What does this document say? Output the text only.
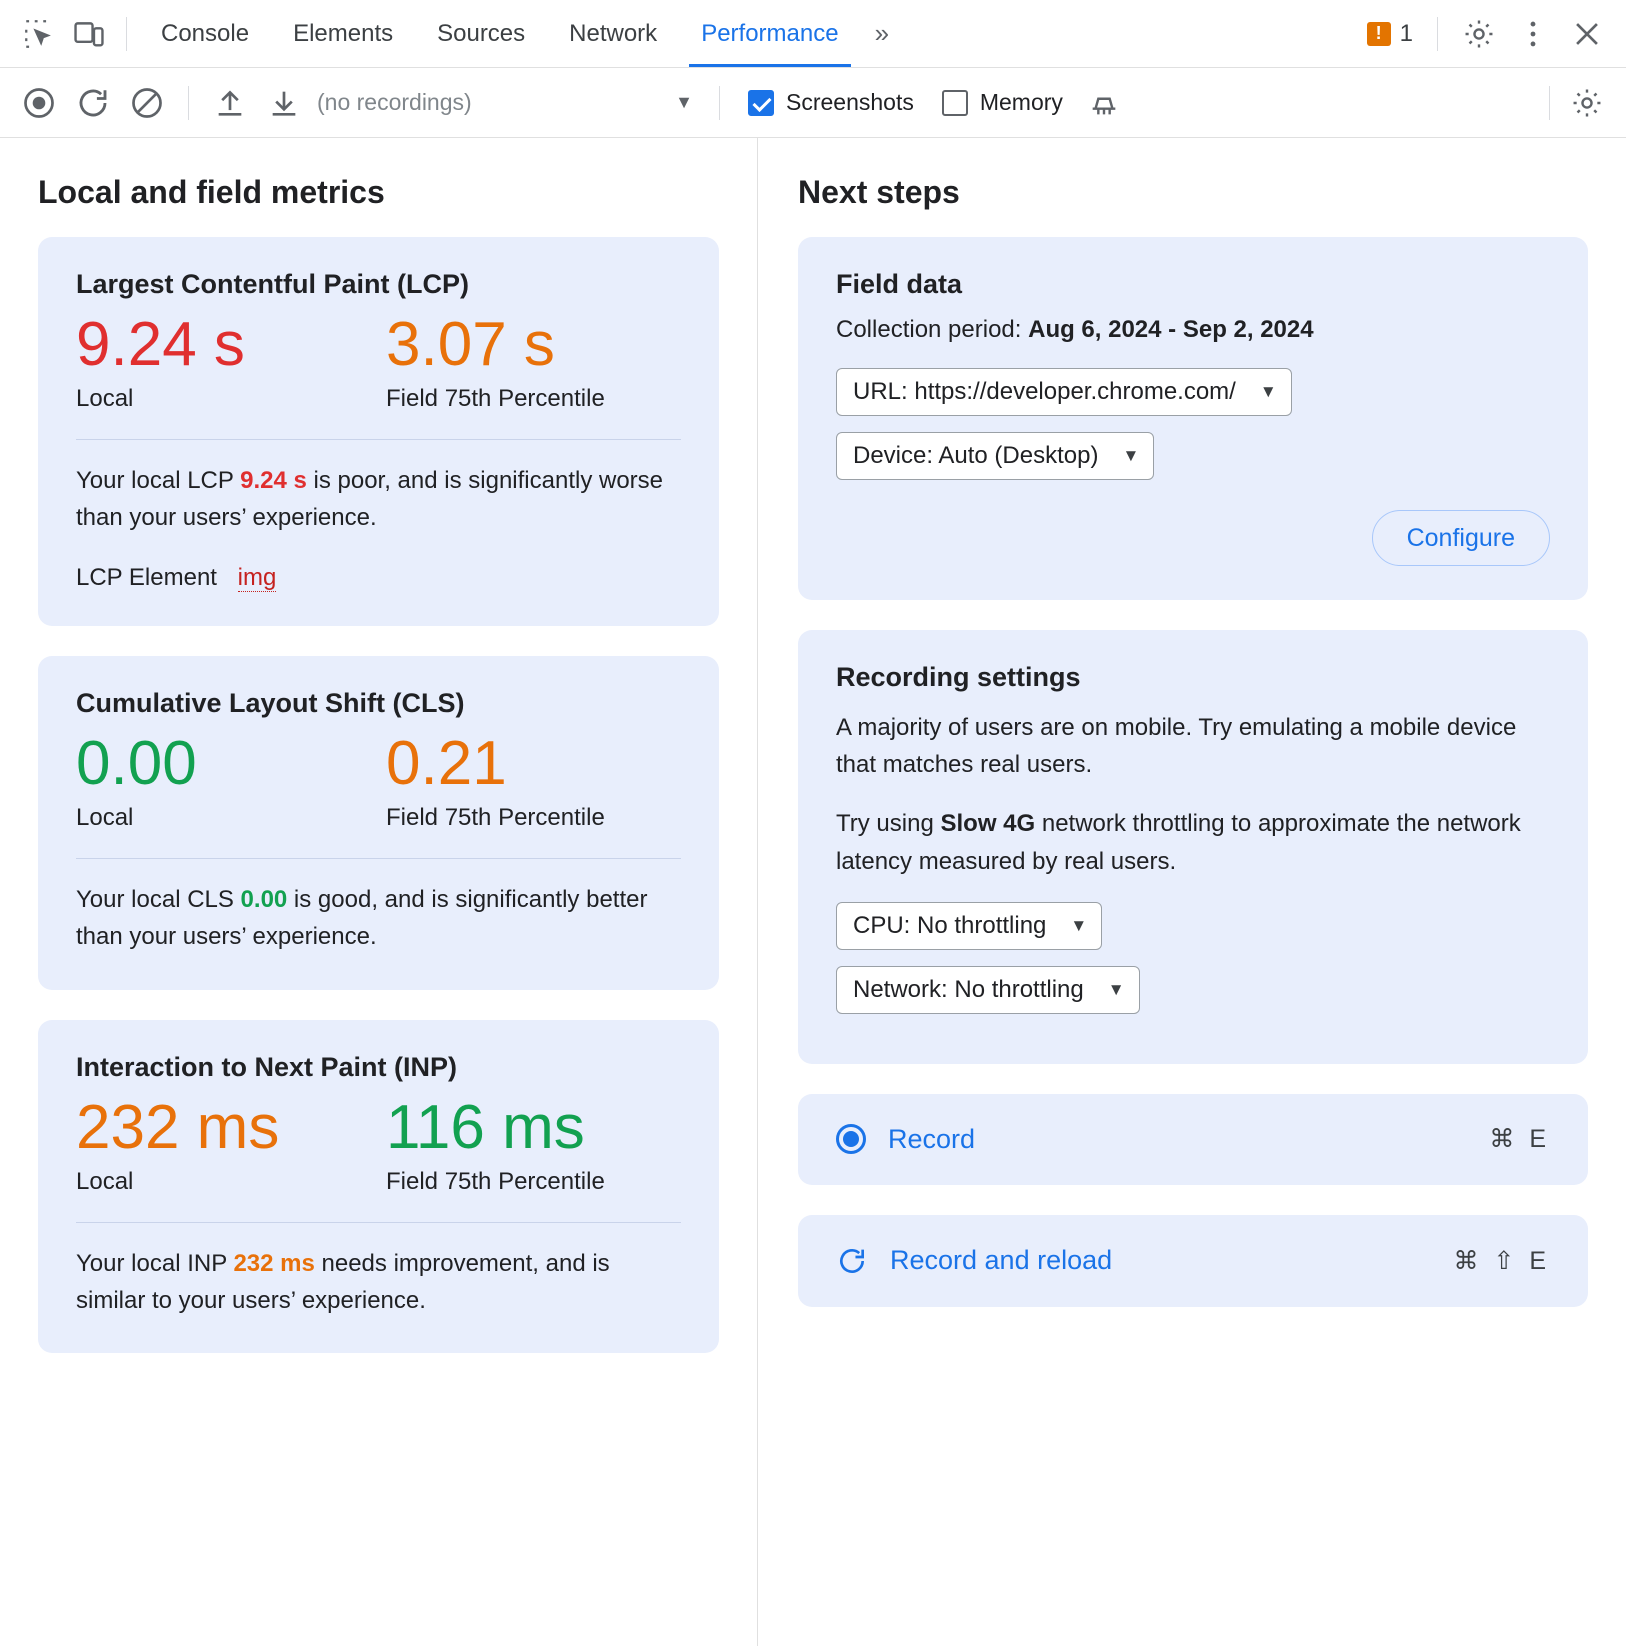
Console Elements Sources Network Performance	» !	1
(no recordings)	▼	Screenshots	Memory
Local and field metrics
Largest Contentful Paint (LCP)
9.24 s
Local
3.07 s
Field 75th Percentile

Your local LCP 9.24 s is poor, and is significantly worse than your users’ experience.

LCP Element img
Cumulative Layout Shift (CLS)
0.00
Local
0.21
Field 75th Percentile

Your local CLS 0.00 is good, and is significantly better than your users’ experience.

Interaction to Next Paint (INP)
232 ms
Local
116 ms
Field 75th Percentile

Your local INP 232 ms needs improvement, and is similar to your users’ experience.

Next steps
Field data
Collection period: Aug 6, 2024 - Sep 2, 2024
URL: https://developer.chrome.com/ ▼
Device: Auto (Desktop) ▼
Configure
Recording settings

A majority of users are on mobile. Try emulating a mobile device that matches real users.

Try using Slow 4G network throttling to approximate the network latency measured by real users.

CPU: No throttling ▼
Network: No throttling ▼
Record	⌘ E
Record and reload	⌘ ⇧ E
